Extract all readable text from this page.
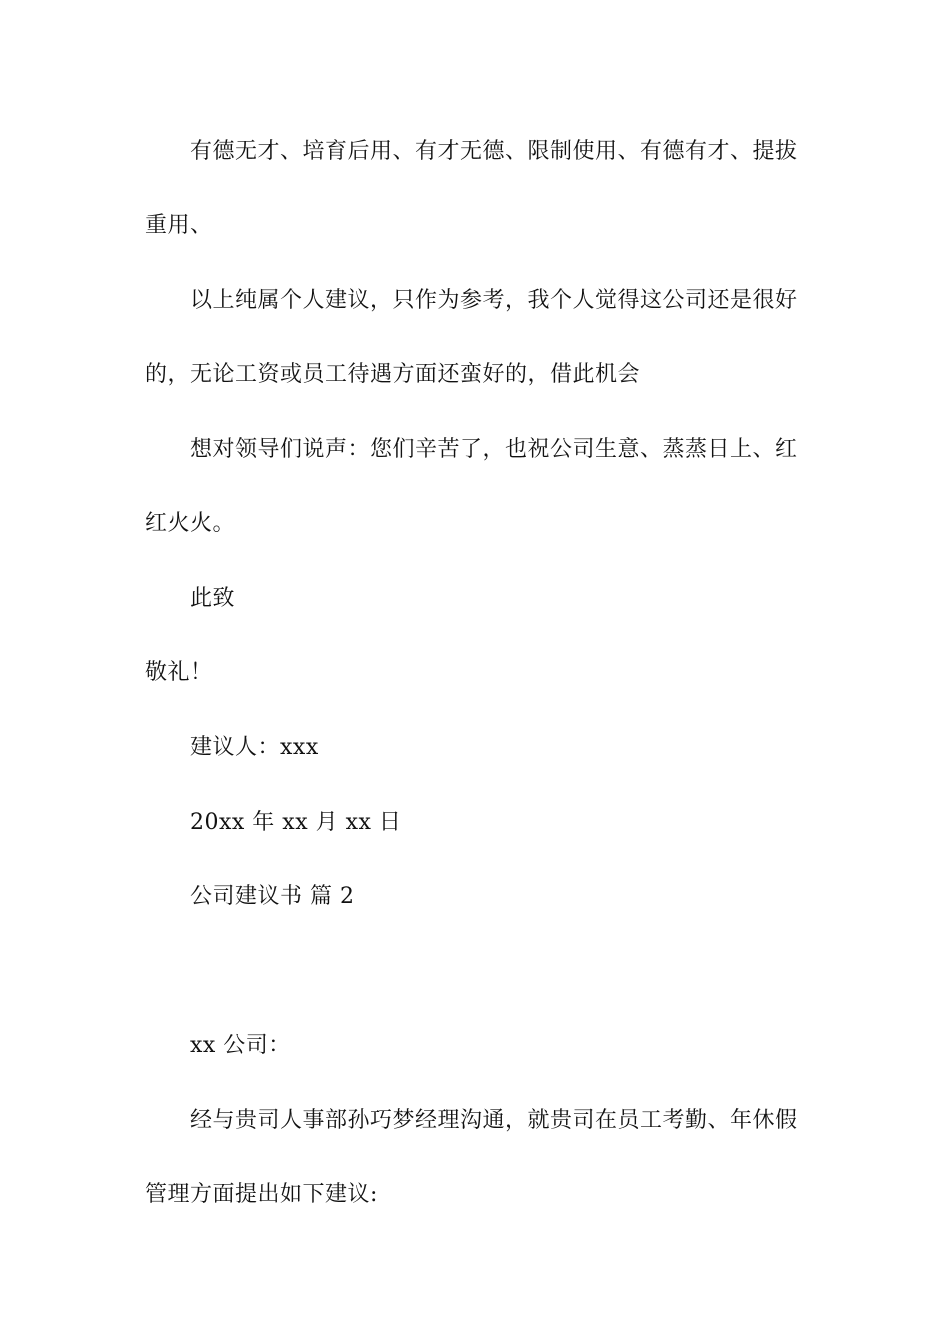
有德无才、培育后用、有才无德、限制使用、有德有才、提拔
重用、
以上纯属个人建议，只作为参考，我个人觉得这公司还是很好
的，无论工资或员工待遇方面还蛮好的，借此机会
想对领导们说声：您们辛苦了，也祝公司生意、蒸蒸日上、红
红火火。
此致
敬礼！
建议人：xxx
20xx 年 xx 月 xx 日
公司建议书 篇 2
xx 公司：
经与贵司人事部孙巧梦经理沟通，就贵司在员工考勤、年休假
管理方面提出如下建议:
